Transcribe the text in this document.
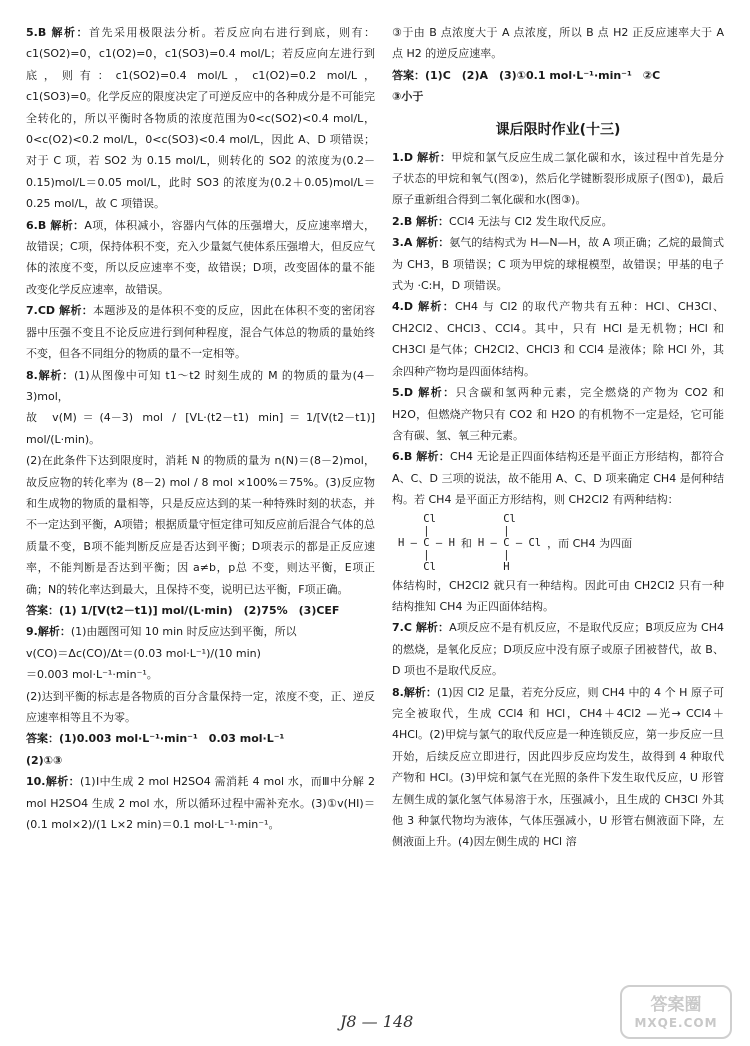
5.B 解析：首先采用极限法分析。若反应向右进行到底，则有：c1(SO2)=0，c1(O2)=0，c1(SO3)=0.4 mol/L；若反应向左进行到底，则有：c1(SO2)=0.4 mol/L，c1(O2)=0.2 mol/L，c1(SO3)=0。化学反应的限度决定了可逆反应中的各种成分是不可能完全转化的，所以平衡时各物质的浓度范围为0<c(SO2)<0.4 mol/L，0<c(O2)<0.2 mol/L，0<c(SO3)<0.4 mol/L，因此 A、D 项错误；对于 C 项，若 SO2 为 0.15 mol/L，则转化的 SO2 的浓度为(0.2－0.15)mol/L＝0.05 mol/L，此时 SO3 的浓度为(0.2＋0.05)mol/L＝0.25 mol/L，故 C 项错误。

6.B 解析：A项，体积减小，容器内气体的压强增大，反应速率增大，故错误；C项，保持体积不变，充入少量氦气使体系压强增大，但反应气体的浓度不变，所以反应速率不变，故错误；D项，改变固体的量不能改变化学反应速率，故错误。

7.CD 解析：本题涉及的是体积不变的反应，因此在体积不变的密闭容器中压强不变且不论反应进行到何种程度，混合气体总的物质的量始终不变，但各不同组分的物质的量不一定相等。

8.解析：(1)从图像中可知 t1～t2 时刻生成的 M 的物质的量为(4－3)mol，

故 v(M)＝(4－3) mol / [VL·(t2－t1) min]＝1/[V(t2－t1)] mol/(L·min)。

(2)在此条件下达到限度时，消耗 N 的物质的量为 n(N)＝(8－2)mol，故反应物的转化率为 (8－2) mol / 8 mol ×100%＝75%。(3)反应物和生成物的物质的量相等，只是反应达到的某一种特殊时刻的状态，并不一定达到平衡，A项错；根据质量守恒定律可知反应前后混合气体的总质量不变，B项不能判断反应是否达到平衡；D项表示的都是正反应速率，不能判断是否达到平衡；因 a≠b，p总 不变，则达平衡，E项正确；N的转化率达到最大，且保持不变，说明已达平衡，F项正确。

答案：(1) 1/[V(t2－t1)] mol/(L·min)　(2)75%　(3)CEF

9.解析：(1)由题图可知 10 min 时反应达到平衡，所以

v(CO)＝Δc(CO)/Δt＝(0.03 mol·L⁻¹)/(10 min)

＝0.003 mol·L⁻¹·min⁻¹。

(2)达到平衡的标志是各物质的百分含量保持一定，浓度不变，正、逆反应速率相等且不为零。

答案：(1)0.003 mol·L⁻¹·min⁻¹　0.03 mol·L⁻¹

(2)①③

10.解析：(1)Ⅰ中生成 2 mol H2SO4 需消耗 4 mol 水，而Ⅲ中分解 2 mol H2SO4 生成 2 mol 水，所以循环过程中需补充水。(3)①v(HI)＝(0.1 mol×2)/(1 L×2 min)＝0.1 mol·L⁻¹·min⁻¹。

③于由 B 点浓度大于 A 点浓度，所以 B 点 H2 正反应速率大于 A 点 H2 的逆反应速率。

答案：(1)C　(2)A　(3)①0.1 mol·L⁻¹·min⁻¹　②C

③小于

课后限时作业(十三)

1.D 解析：甲烷和氯气反应生成二氯化碳和水，该过程中首先是分子状态的甲烷和氧气(图②)，然后化学键断裂形成原子(图①)，最后原子重新组合得到二氧化碳和水(图③)。

2.B 解析：CCl4 无法与 Cl2 发生取代反应。

3.A 解析：氨气的结构式为 H—N—H，故 A 项正确；乙烷的最简式为 CH3，B 项错误；C 项为甲烷的球棍模型，故错误；甲基的电子式为 ·C:H，D 项错误。

4.D 解析：CH4 与 Cl2 的取代产物共有五种：HCl、CH3Cl、CH2Cl2、CHCl3、CCl4。其中，只有 HCl 是无机物；HCl 和 CH3Cl 是气体；CH2Cl2、CHCl3 和 CCl4 是液体；除 HCl 外，其余四种产物均是四面体结构。

5.D 解析：只含碳和氢两种元素，完全燃烧的产物为 CO2 和 H2O，但燃烧产物只有 CO2 和 H2O 的有机物不一定是烃，它可能含有碳、氢、氧三种元素。

6.B 解析：CH4 无论是正四面体结构还是平面正方形结构，都符合 A、C、D 三项的说法，故不能用 A、C、D 项来确定 CH4 是何种结构。若 CH4 是平面正方形结构，则 CH2Cl2 有两种结构：

Cl
|
H — C — H
|
Cl
和
Cl
|
H — C — Cl
|
H
，而 CH4 为四面

体结构时，CH2Cl2 就只有一种结构。因此可由 CH2Cl2 只有一种结构推知 CH4 为正四面体结构。

7.C 解析：A项反应不是有机反应，不是取代反应；B项反应为 CH4 的燃烧，是氧化反应；D项反应中没有原子或原子团被替代，故 B、D 项也不是取代反应。

8.解析：(1)因 Cl2 足量，若充分反应，则 CH4 中的 4 个 H 原子可完全被取代，生成 CCl4 和 HCl，CH4＋4Cl2 —光→ CCl4＋4HCl。(2)甲烷与氯气的取代反应是一种连锁反应，第一步反应一旦开始，后续反应立即进行，因此四步反应均发生，故得到 4 种取代产物和 HCl。(3)甲烷和氯气在光照的条件下发生取代反应，U 形管左侧生成的氯化氢气体易溶于水，压强减小，且生成的 CH3Cl 外其他 3 种氯代物均为液体，气体压强减小，U 形管右侧液面下降，左侧液面上升。(4)因左侧生成的 HCl 溶

J8 — 148
答案圈
MXQE.COM
